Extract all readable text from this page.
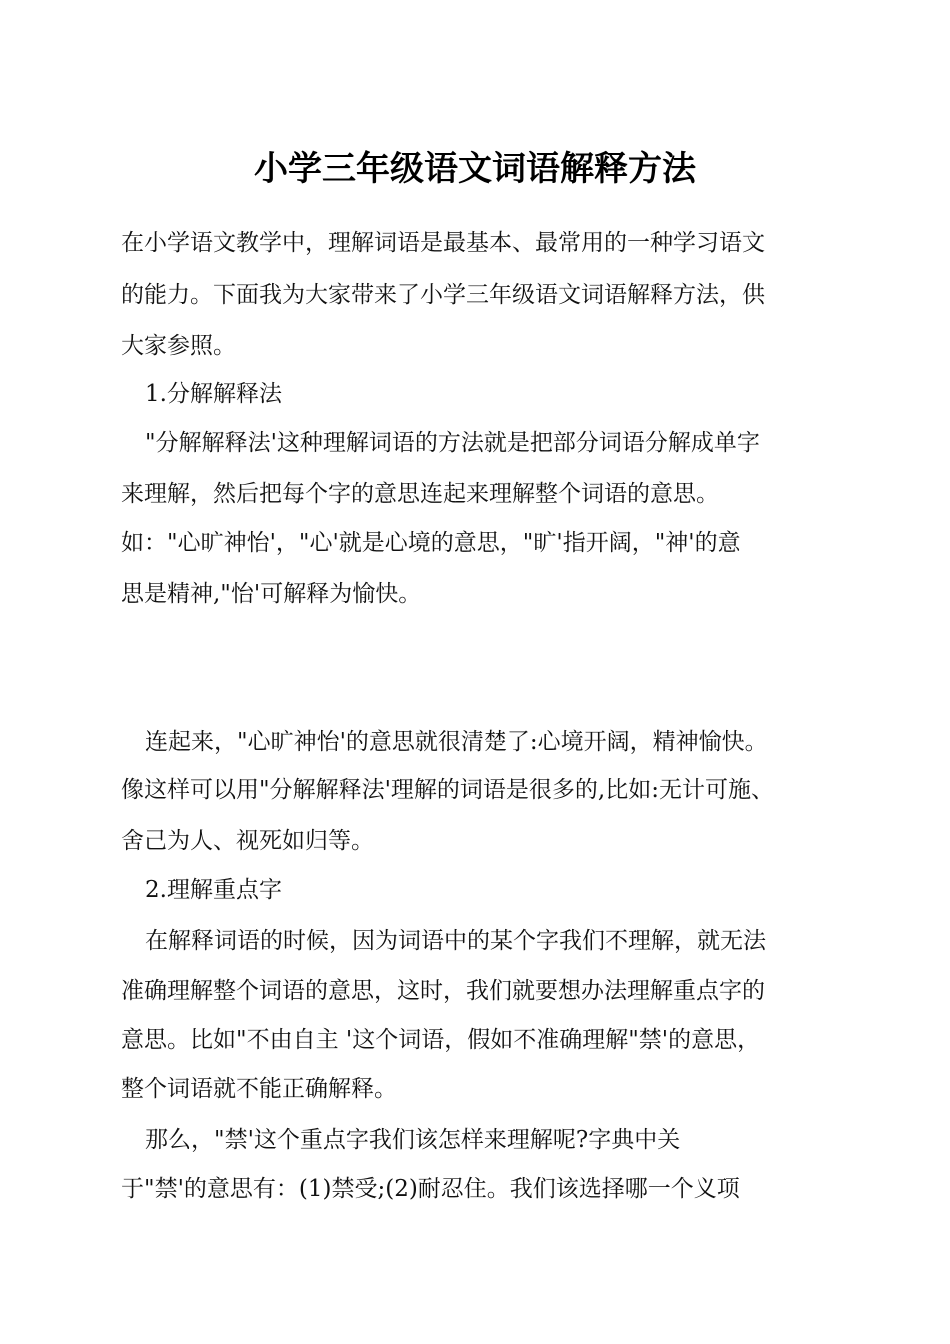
小学三年级语文词语解释方法
在小学语文教学中，理解词语是最基本、最常用的一种学习语文
的能力。下面我为大家带来了小学三年级语文词语解释方法，供
大家参照。
1.分解解释法
"分解解释法'这种理解词语的方法就是把部分词语分解成单字
来理解，然后把每个字的意思连起来理解整个词语的意思。
如："心旷神怡'，"心'就是心境的意思，"旷'指开阔，"神'的意
思是精神,"怡'可解释为愉快。
连起来，"心旷神怡'的意思就很清楚了:心境开阔，精神愉快。
像这样可以用"分解解释法'理解的词语是很多的,比如:无计可施、
舍己为人、视死如归等。
2.理解重点字
在解释词语的时候，因为词语中的某个字我们不理解，就无法
准确理解整个词语的意思，这时，我们就要想办法理解重点字的
意思。比如"不由自主 '这个词语，假如不准确理解"禁'的意思，
整个词语就不能正确解释。
那么，"禁'这个重点字我们该怎样来理解呢?字典中关
于"禁'的意思有：(1)禁受;(2)耐忍住。我们该选择哪一个义项
